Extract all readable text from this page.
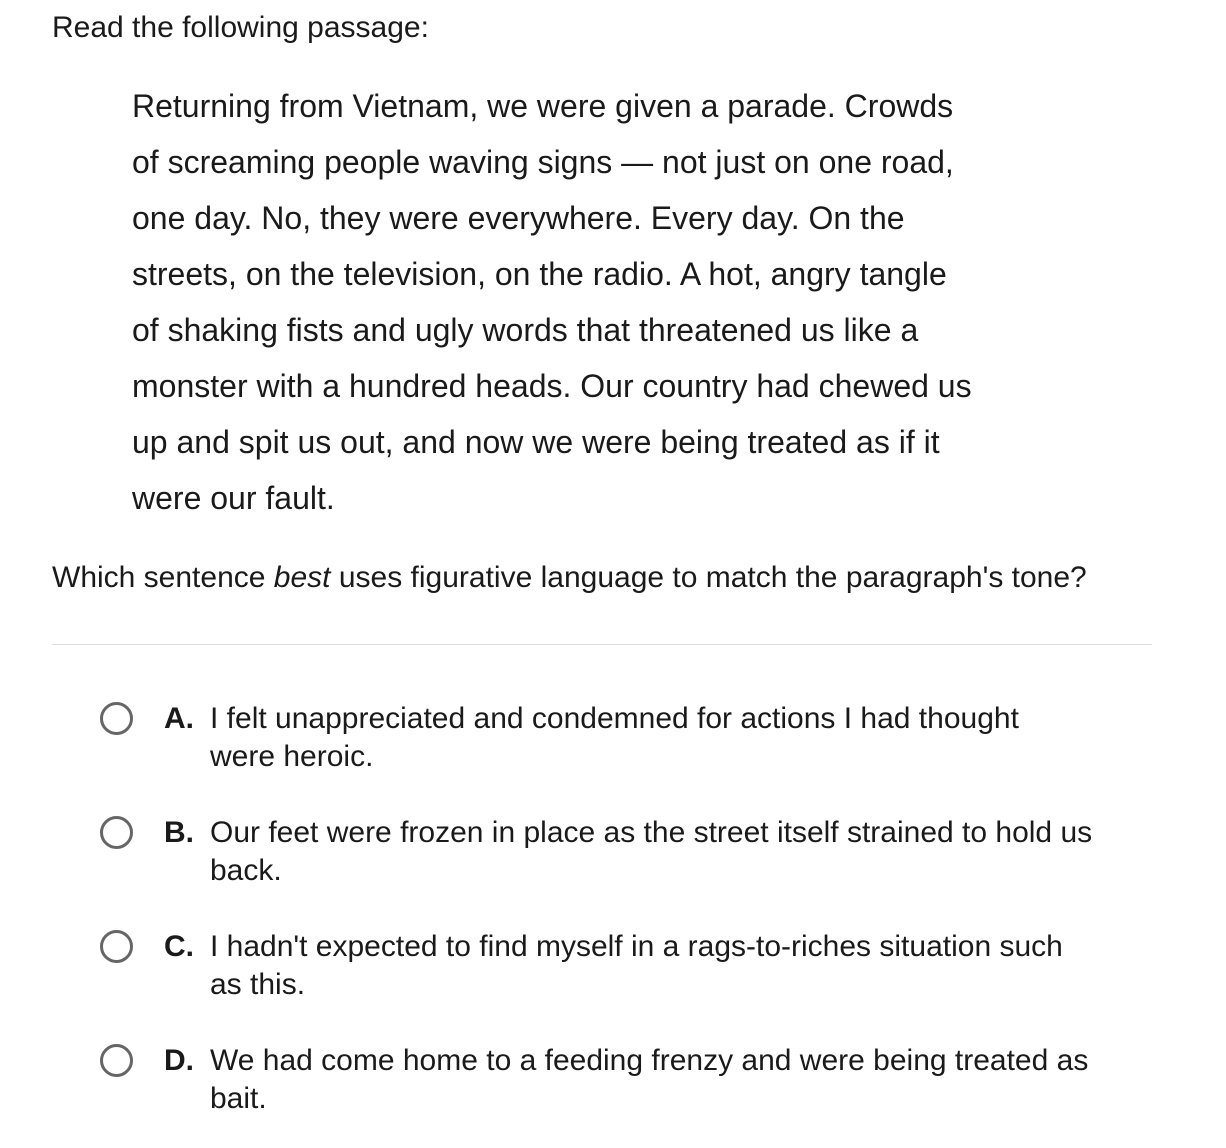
Read the following passage:
Returning from Vietnam, we were given a parade. Crowds
of screaming people waving signs — not just on one road,
one day. No, they were everywhere. Every day. On the
streets, on the television, on the radio. A hot, angry tangle
of shaking fists and ugly words that threatened us like a
monster with a hundred heads. Our country had chewed us
up and spit us out, and now we were being treated as if it
were our fault.
Which sentence best uses figurative language to match the paragraph's tone?
A. I felt unappreciated and condemned for actions I had thought
were heroic.
B. Our feet were frozen in place as the street itself strained to hold us
back.
C. I hadn't expected to find myself in a rags-to-riches situation such
as this.
D. We had come home to a feeding frenzy and were being treated as
bait.
